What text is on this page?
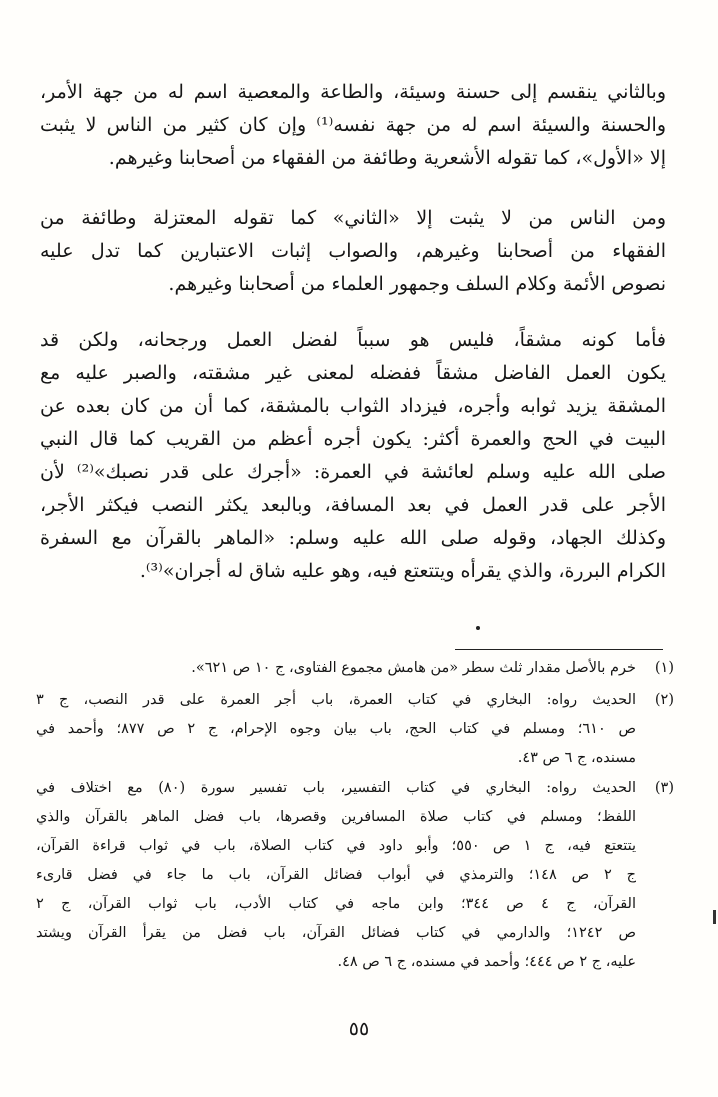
وبالثاني ينقسم إلى حسنة وسيئة، والطاعة والمعصية اسم له من جهة الأمر،
والحسنة والسيئة اسم له من جهة نفسه⁽¹⁾ وإن كان كثير من الناس لا يثبت
إلا «الأول»، كما تقوله الأشعرية وطائفة من الفقهاء من أصحابنا وغيرهم.

ومن الناس من لا يثبت إلا «الثاني» كما تقوله المعتزلة وطائفة من
الفقهاء من أصحابنا وغيرهم، والصواب إثبات الاعتبارين كما تدل عليه
نصوص الأئمة وكلام السلف وجمهور العلماء من أصحابنا وغيرهم.

فأما كونه مشقاً، فليس هو سبباً لفضل العمل ورجحانه، ولكن قد
يكون العمل الفاضل مشقاً ففضله لمعنى غير مشقته، والصبر عليه مع
المشقة يزيد ثوابه وأجره، فيزداد الثواب بالمشقة، كما أن من كان بعده عن
البيت في الحج والعمرة أكثر: يكون أجره أعظم من القريب كما قال النبي
صلى الله عليه وسلم لعائشة في العمرة: «أجرك على قدر نصبك»⁽²⁾ لأن
الأجر على قدر العمل في بعد المسافة، وبالبعد يكثر النصب فيكثر الأجر،
وكذلك الجهاد، وقوله صلى الله عليه وسلم: «الماهر بالقرآن مع السفرة
الكرام البررة، والذي يقرأه ويتتعتع فيه، وهو عليه شاق له أجران»⁽³⁾.

(١)
خرم بالأصل مقدار ثلث سطر «من هامش مجموع الفتاوى، ج ١٠ ص ٦٢١».
(٢)
الحديث رواه: البخاري في كتاب العمرة، باب أجر العمرة على قدر النصب، ج ٣
ص ٦١٠؛ ومسلم في كتاب الحج، باب بيان وجوه الإحرام، ج ٢ ص ٨٧٧؛ وأحمد في
مسنده، ج ٦ ص ٤٣.
(٣)
الحديث رواه: البخاري في كتاب التفسير، باب تفسير سورة (٨٠) مع اختلاف في
اللفظ؛ ومسلم في كتاب صلاة المسافرين وقصرها، باب فضل الماهر بالقرآن والذي
يتتعتع فيه، ج ١ ص ٥٥٠؛ وأبو داود في كتاب الصلاة، باب في ثواب قراءة القرآن،
ج ٢ ص ١٤٨؛ والترمذي في أبواب فضائل القرآن، باب ما جاء في فضل قارىء
القرآن، ج ٤ ص ٣٤٤؛ وابن ماجه في كتاب الأدب، باب ثواب القرآن، ج ٢
ص ١٢٤٢؛ والدارمي في كتاب فضائل القرآن، باب فضل من يقرأ القرآن ويشتد
عليه، ج ٢ ص ٤٤٤؛ وأحمد في مسنده، ج ٦ ص ٤٨.
٥٥
